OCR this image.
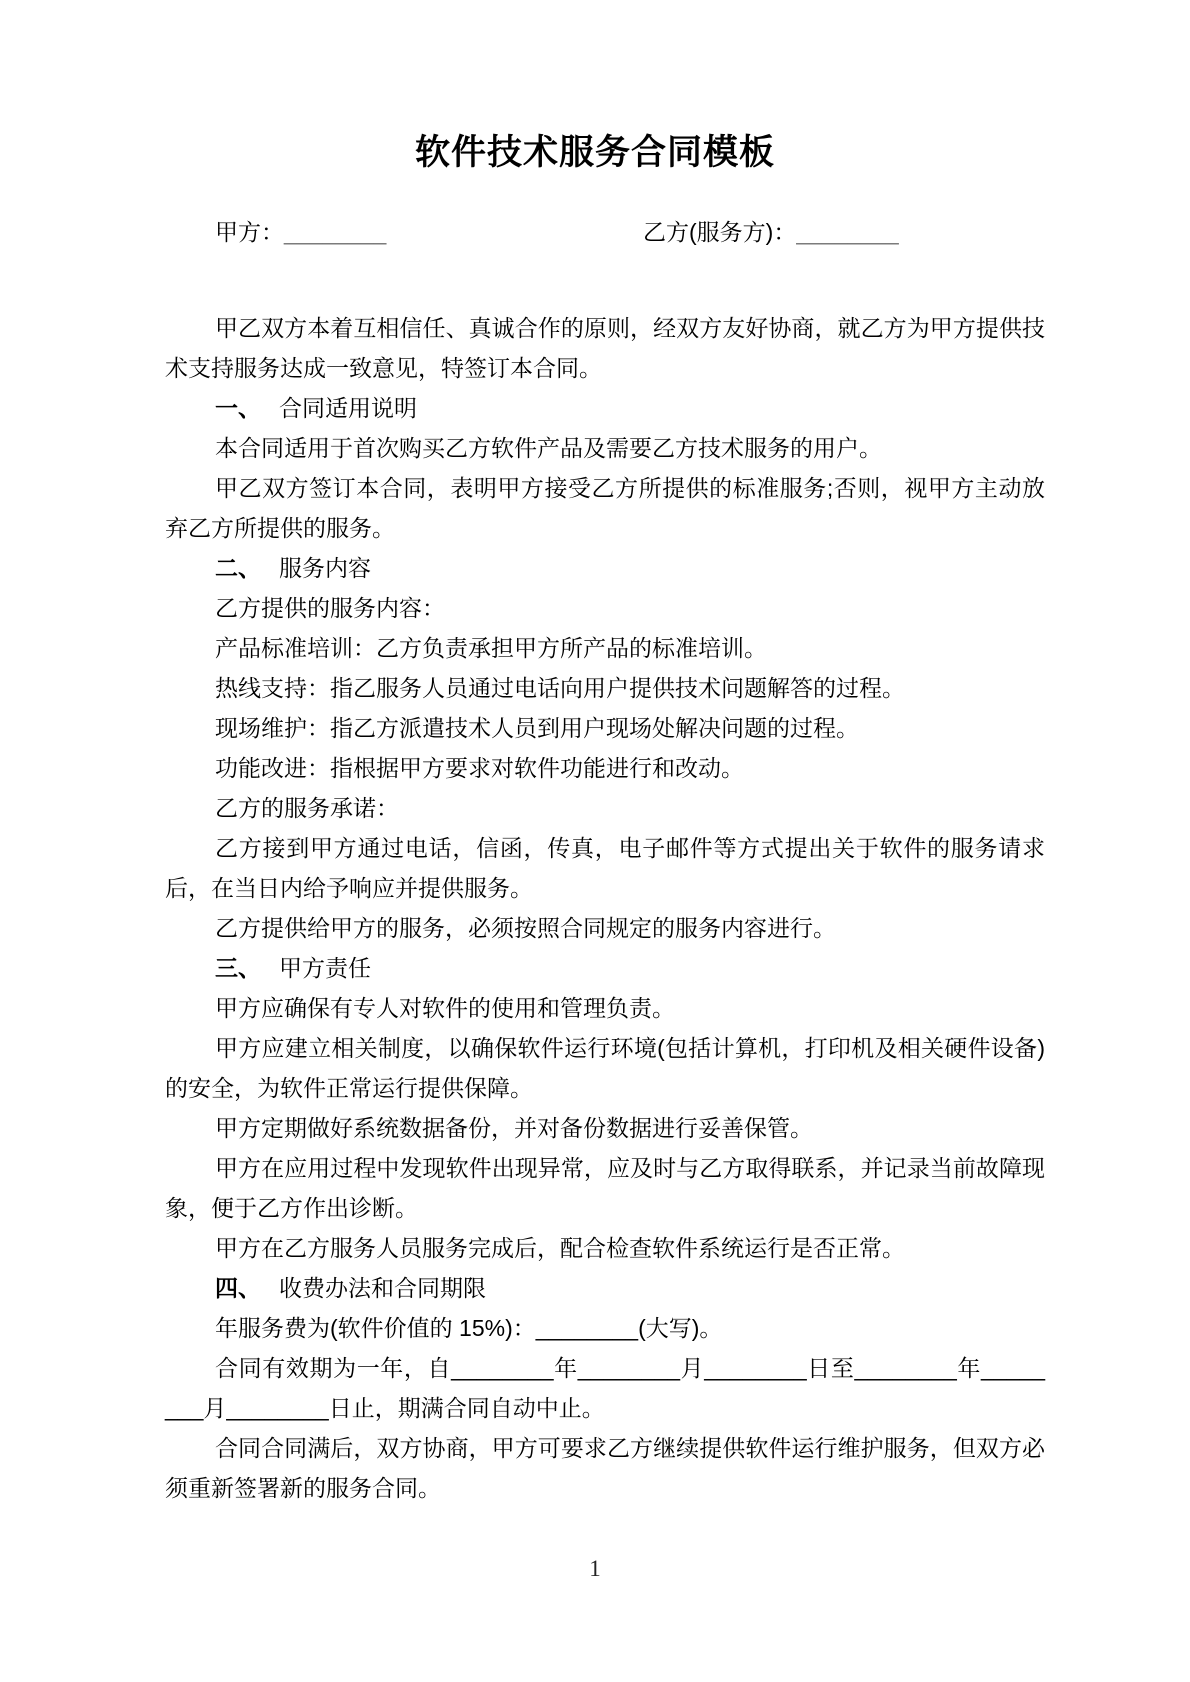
软件技术服务合同模板
甲方：________	乙方(服务方)：________

甲乙双方本着互相信任、真诚合作的原则，经双方友好协商，就乙方为甲方提供技术支持服务达成一致意见，特签订本合同。

一、 合同适用说明

本合同适用于首次购买乙方软件产品及需要乙方技术服务的用户。

甲乙双方签订本合同，表明甲方接受乙方所提供的标准服务;否则，视甲方主动放弃乙方所提供的服务。

二、 服务内容

乙方提供的服务内容：

产品标准培训：乙方负责承担甲方所产品的标准培训。

热线支持：指乙服务人员通过电话向用户提供技术问题解答的过程。

现场维护：指乙方派遣技术人员到用户现场处解决问题的过程。

功能改进：指根据甲方要求对软件功能进行和改动。

乙方的服务承诺：

乙方接到甲方通过电话，信函，传真，电子邮件等方式提出关于软件的服务请求后，在当日内给予响应并提供服务。

乙方提供给甲方的服务，必须按照合同规定的服务内容进行。

三、 甲方责任

甲方应确保有专人对软件的使用和管理负责。

甲方应建立相关制度，以确保软件运行环境(包括计算机，打印机及相关硬件设备)的安全，为软件正常运行提供保障。

甲方定期做好系统数据备份，并对备份数据进行妥善保管。

甲方在应用过程中发现软件出现异常，应及时与乙方取得联系，并记录当前故障现象，便于乙方作出诊断。

甲方在乙方服务人员服务完成后，配合检查软件系统运行是否正常。

四、 收费办法和合同期限

年服务费为(软件价值的 15%)：________(大写)。

合同有效期为一年，自________年________月________日至________年________月________日止，期满合同自动中止。

合同合同满后，双方协商，甲方可要求乙方继续提供软件运行维护服务，但双方必须重新签署新的服务合同。

1
